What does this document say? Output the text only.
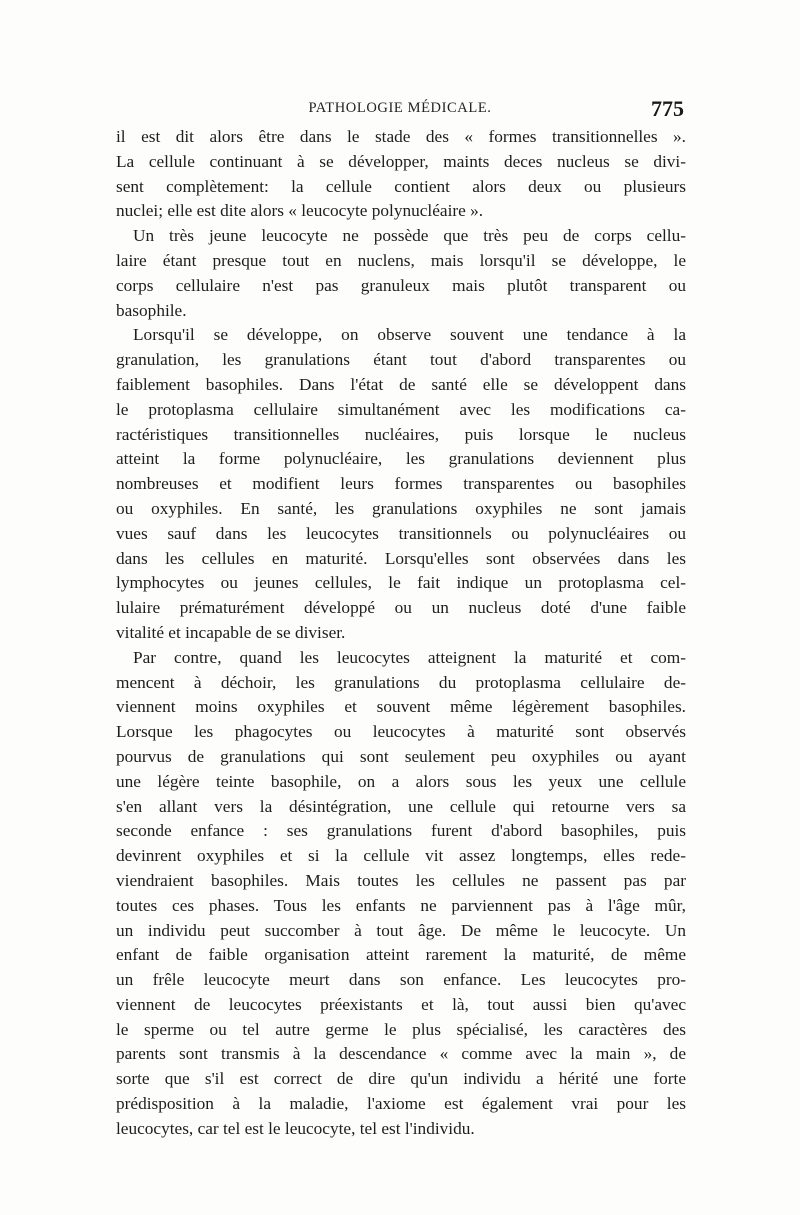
PATHOLOGIE MÉDICALE.	775
il est dit alors être dans le stade des « formes transitionnelles ».
La cellule continuant à se développer, maints deces nucleus se divi-
sent complètement: la cellule contient alors deux ou plusieurs
nuclei; elle est dite alors « leucocyte polynucléaire ».
Un très jeune leucocyte ne possède que très peu de corps cellu-
laire étant presque tout en nuclens, mais lorsqu'il se développe, le
corps cellulaire n'est pas granuleux mais plutôt transparent ou
basophile.
Lorsqu'il se développe, on observe souvent une tendance à la
granulation, les granulations étant tout d'abord transparentes ou
faiblement basophiles. Dans l'état de santé elle se développent dans
le protoplasma cellulaire simultanément avec les modifications ca-
ractéristiques transitionnelles nucléaires, puis lorsque le nucleus
atteint la forme polynucléaire, les granulations deviennent plus
nombreuses et modifient leurs formes transparentes ou basophiles
ou oxyphiles. En santé, les granulations oxyphiles ne sont jamais
vues sauf dans les leucocytes transitionnels ou polynucléaires ou
dans les cellules en maturité. Lorsqu'elles sont observées dans les
lymphocytes ou jeunes cellules, le fait indique un protoplasma cel-
lulaire prématurément développé ou un nucleus doté d'une faible
vitalité et incapable de se diviser.
Par contre, quand les leucocytes atteignent la maturité et com-
mencent à déchoir, les granulations du protoplasma cellulaire de-
viennent moins oxyphiles et souvent même légèrement basophiles.
Lorsque les phagocytes ou leucocytes à maturité sont observés
pourvus de granulations qui sont seulement peu oxyphiles ou ayant
une légère teinte basophile, on a alors sous les yeux une cellule
s'en allant vers la désintégration, une cellule qui retourne vers sa
seconde enfance : ses granulations furent d'abord basophiles, puis
devinrent oxyphiles et si la cellule vit assez longtemps, elles rede-
viendraient basophiles. Mais toutes les cellules ne passent pas par
toutes ces phases. Tous les enfants ne parviennent pas à l'âge mûr,
un individu peut succomber à tout âge. De même le leucocyte. Un
enfant de faible organisation atteint rarement la maturité, de même
un frêle leucocyte meurt dans son enfance. Les leucocytes pro-
viennent de leucocytes préexistants et là, tout aussi bien qu'avec
le sperme ou tel autre germe le plus spécialisé, les caractères des
parents sont transmis à la descendance « comme avec la main », de
sorte que s'il est correct de dire qu'un individu a hérité une forte
prédisposition à la maladie, l'axiome est également vrai pour les
leucocytes, car tel est le leucocyte, tel est l'individu.
